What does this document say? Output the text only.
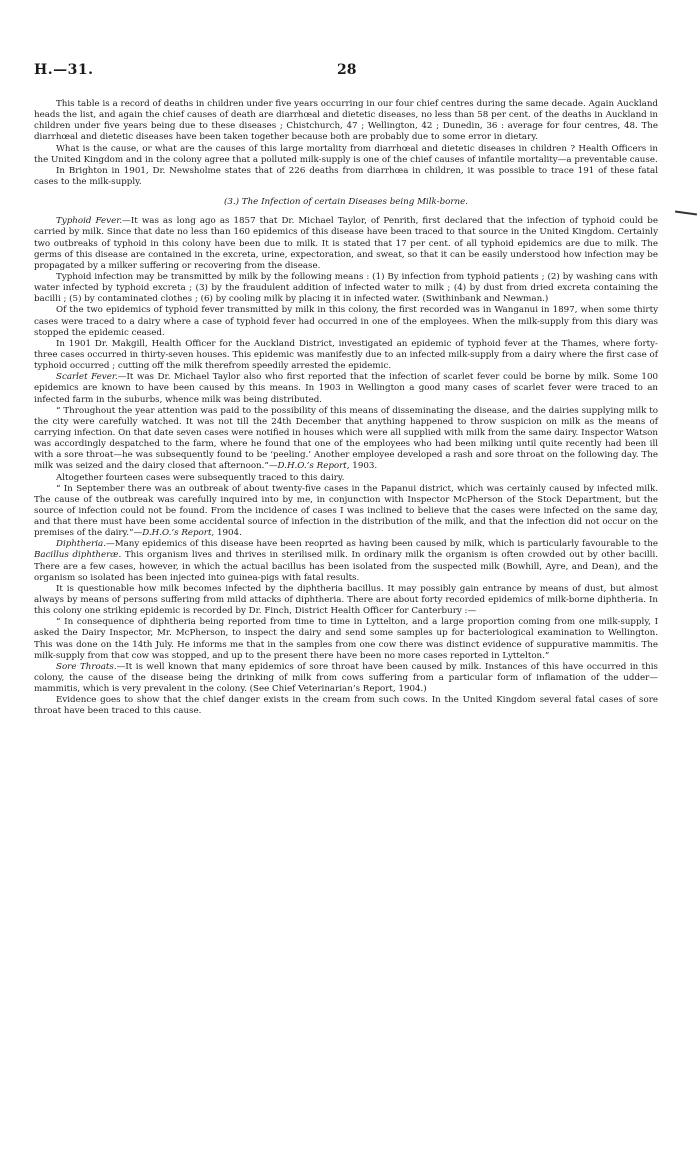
H.—31.	28

This table is a record of deaths in children under five years occurring in our four chief centres during the same decade. Again Auckland heads the list, and again the chief causes of death are diarrhœal and dietetic diseases, no less than 58 per cent. of the deaths in Auckland in children under five years being due to these diseases ; Chistchurch, 47 ; Wellington, 42 ; Dunedin, 36 : average for four centres, 48. The diarrhœal and dietetic diseases have been taken together because both are probably due to some error in dietary.

What is the cause, or what are the causes of this large mortality from diarrhœal and dietetic diseases in children ? Health Officers in the United Kingdom and in the colony agree that a polluted milk-supply is one of the chief causes of infantile mortality—a preventable cause.

In Brighton in 1901, Dr. Newsholme states that of 226 deaths from diarrhœa in children, it was possible to trace 191 of these fatal cases to the milk-supply.

(3.) The Infection of certain Diseases being Milk-borne.

Typhoid Fever.—It was as long ago as 1857 that Dr. Michael Taylor, of Penrith, first declared that the infection of typhoid could be carried by milk. Since that date no less than 160 epidemics of this disease have been traced to that source in the United Kingdom. Certainly two outbreaks of typhoid in this colony have been due to milk. It is stated that 17 per cent. of all typhoid epidemics are due to milk. The germs of this disease are contained in the excreta, urine, expectoration, and sweat, so that it can be easily understood how infection may be propagated by a milker suffering or recovering from the disease.

Typhoid infection may be transmitted by milk by the following means : (1) By infection from typhoid patients ; (2) by washing cans with water infected by typhoid excreta ; (3) by the fraudulent addition of infected water to milk ; (4) by dust from dried excreta containing the bacilli ; (5) by contaminated clothes ; (6) by cooling milk by placing it in infected water. (Swithinbank and Newman.)

Of the two epidemics of typhoid fever transmitted by milk in this colony, the first recorded was in Wanganui in 1897, when some thirty cases were traced to a dairy where a case of typhoid fever had occurred in one of the employees. When the milk-supply from this diary was stopped the epidemic ceased.

In 1901 Dr. Makgill, Health Officer for the Auckland District, investigated an epidemic of typhoid fever at the Thames, where forty-three cases occurred in thirty-seven houses. This epidemic was manifestly due to an infected milk-supply from a dairy where the first case of typhoid occurred ; cutting off the milk therefrom speedily arrested the epidemic.

Scarlet Fever.—It was Dr. Michael Taylor also who first reported that the infection of scarlet fever could be borne by milk. Some 100 epidemics are known to have been caused by this means. In 1903 in Wellington a good many cases of scarlet fever were traced to an infected farm in the suburbs, whence milk was being distributed.

“ Throughout the year attention was paid to the possibility of this means of disseminating the disease, and the dairies supplying milk to the city were carefully watched. It was not till the 24th December that anything happened to throw suspicion on milk as the means of carrying infection. On that date seven cases were notified in houses which were all supplied with milk from the same dairy. Inspector Watson was accordingly despatched to the farm, where he found that one of the employees who had been milking until quite recently had been ill with a sore throat—he was subsequently found to be ‘peeling.’ Another employee developed a rash and sore throat on the following day. The milk was seized and the dairy closed that afternoon.”—D.H.O.’s Report, 1903.

Altogether fourteen cases were subsequently traced to this dairy.

“ In September there was an outbreak of about twenty-five cases in the Papanui district, which was certainly caused by infected milk. The cause of the outbreak was carefully inquired into by me, in conjunction with Inspector McPherson of the Stock Department, but the source of infection could not be found. From the incidence of cases I was inclined to believe that the cases were infected on the same day, and that there must have been some accidental source of infection in the distribution of the milk, and that the infection did not occur on the premises of the dairy.”—D.H.O.’s Report, 1904.

Diphtheria.—Many epidemics of this disease have been reoprted as having been caused by milk, which is particularly favourable to the Bacillus diphtheræ. This organism lives and thrives in sterilised milk. In ordinary milk the organism is often crowded out by other bacilli. There are a few cases, however, in which the actual bacillus has been isolated from the suspected milk (Bowhill, Ayre, and Dean), and the organism so isolated has been injected into guinea-pigs with fatal results.

It is questionable how milk becomes infected by the diphtheria bacillus. It may possibly gain entrance by means of dust, but almost always by means of persons suffering from mild attacks of diphtheria. There are about forty recorded epidemics of milk-borne diphtheria. In this colony one striking epidemic is recorded by Dr. Finch, District Health Officer for Canterbury :—

“ In consequence of diphtheria being reported from time to time in Lyttelton, and a large proportion coming from one milk-supply, I asked the Dairy Inspector, Mr. McPherson, to inspect the dairy and send some samples up for bacteriological examination to Wellington. This was done on the 14th July. He informs me that in the samples from one cow there was distinct evidence of suppurative mammitis. The milk-supply from that cow was stopped, and up to the present there have been no more cases reported in Lyttelton.”

Sore Throats.—It is well known that many epidemics of sore throat have been caused by milk. Instances of this have occurred in this colony, the cause of the disease being the drinking of milk from cows suffering from a particular form of inflamation of the udder—mammitis, which is very prevalent in the colony. (See Chief Veterinarian’s Report, 1904.)

Evidence goes to show that the chief danger exists in the cream from such cows. In the United Kingdom several fatal cases of sore throat have been traced to this cause.
